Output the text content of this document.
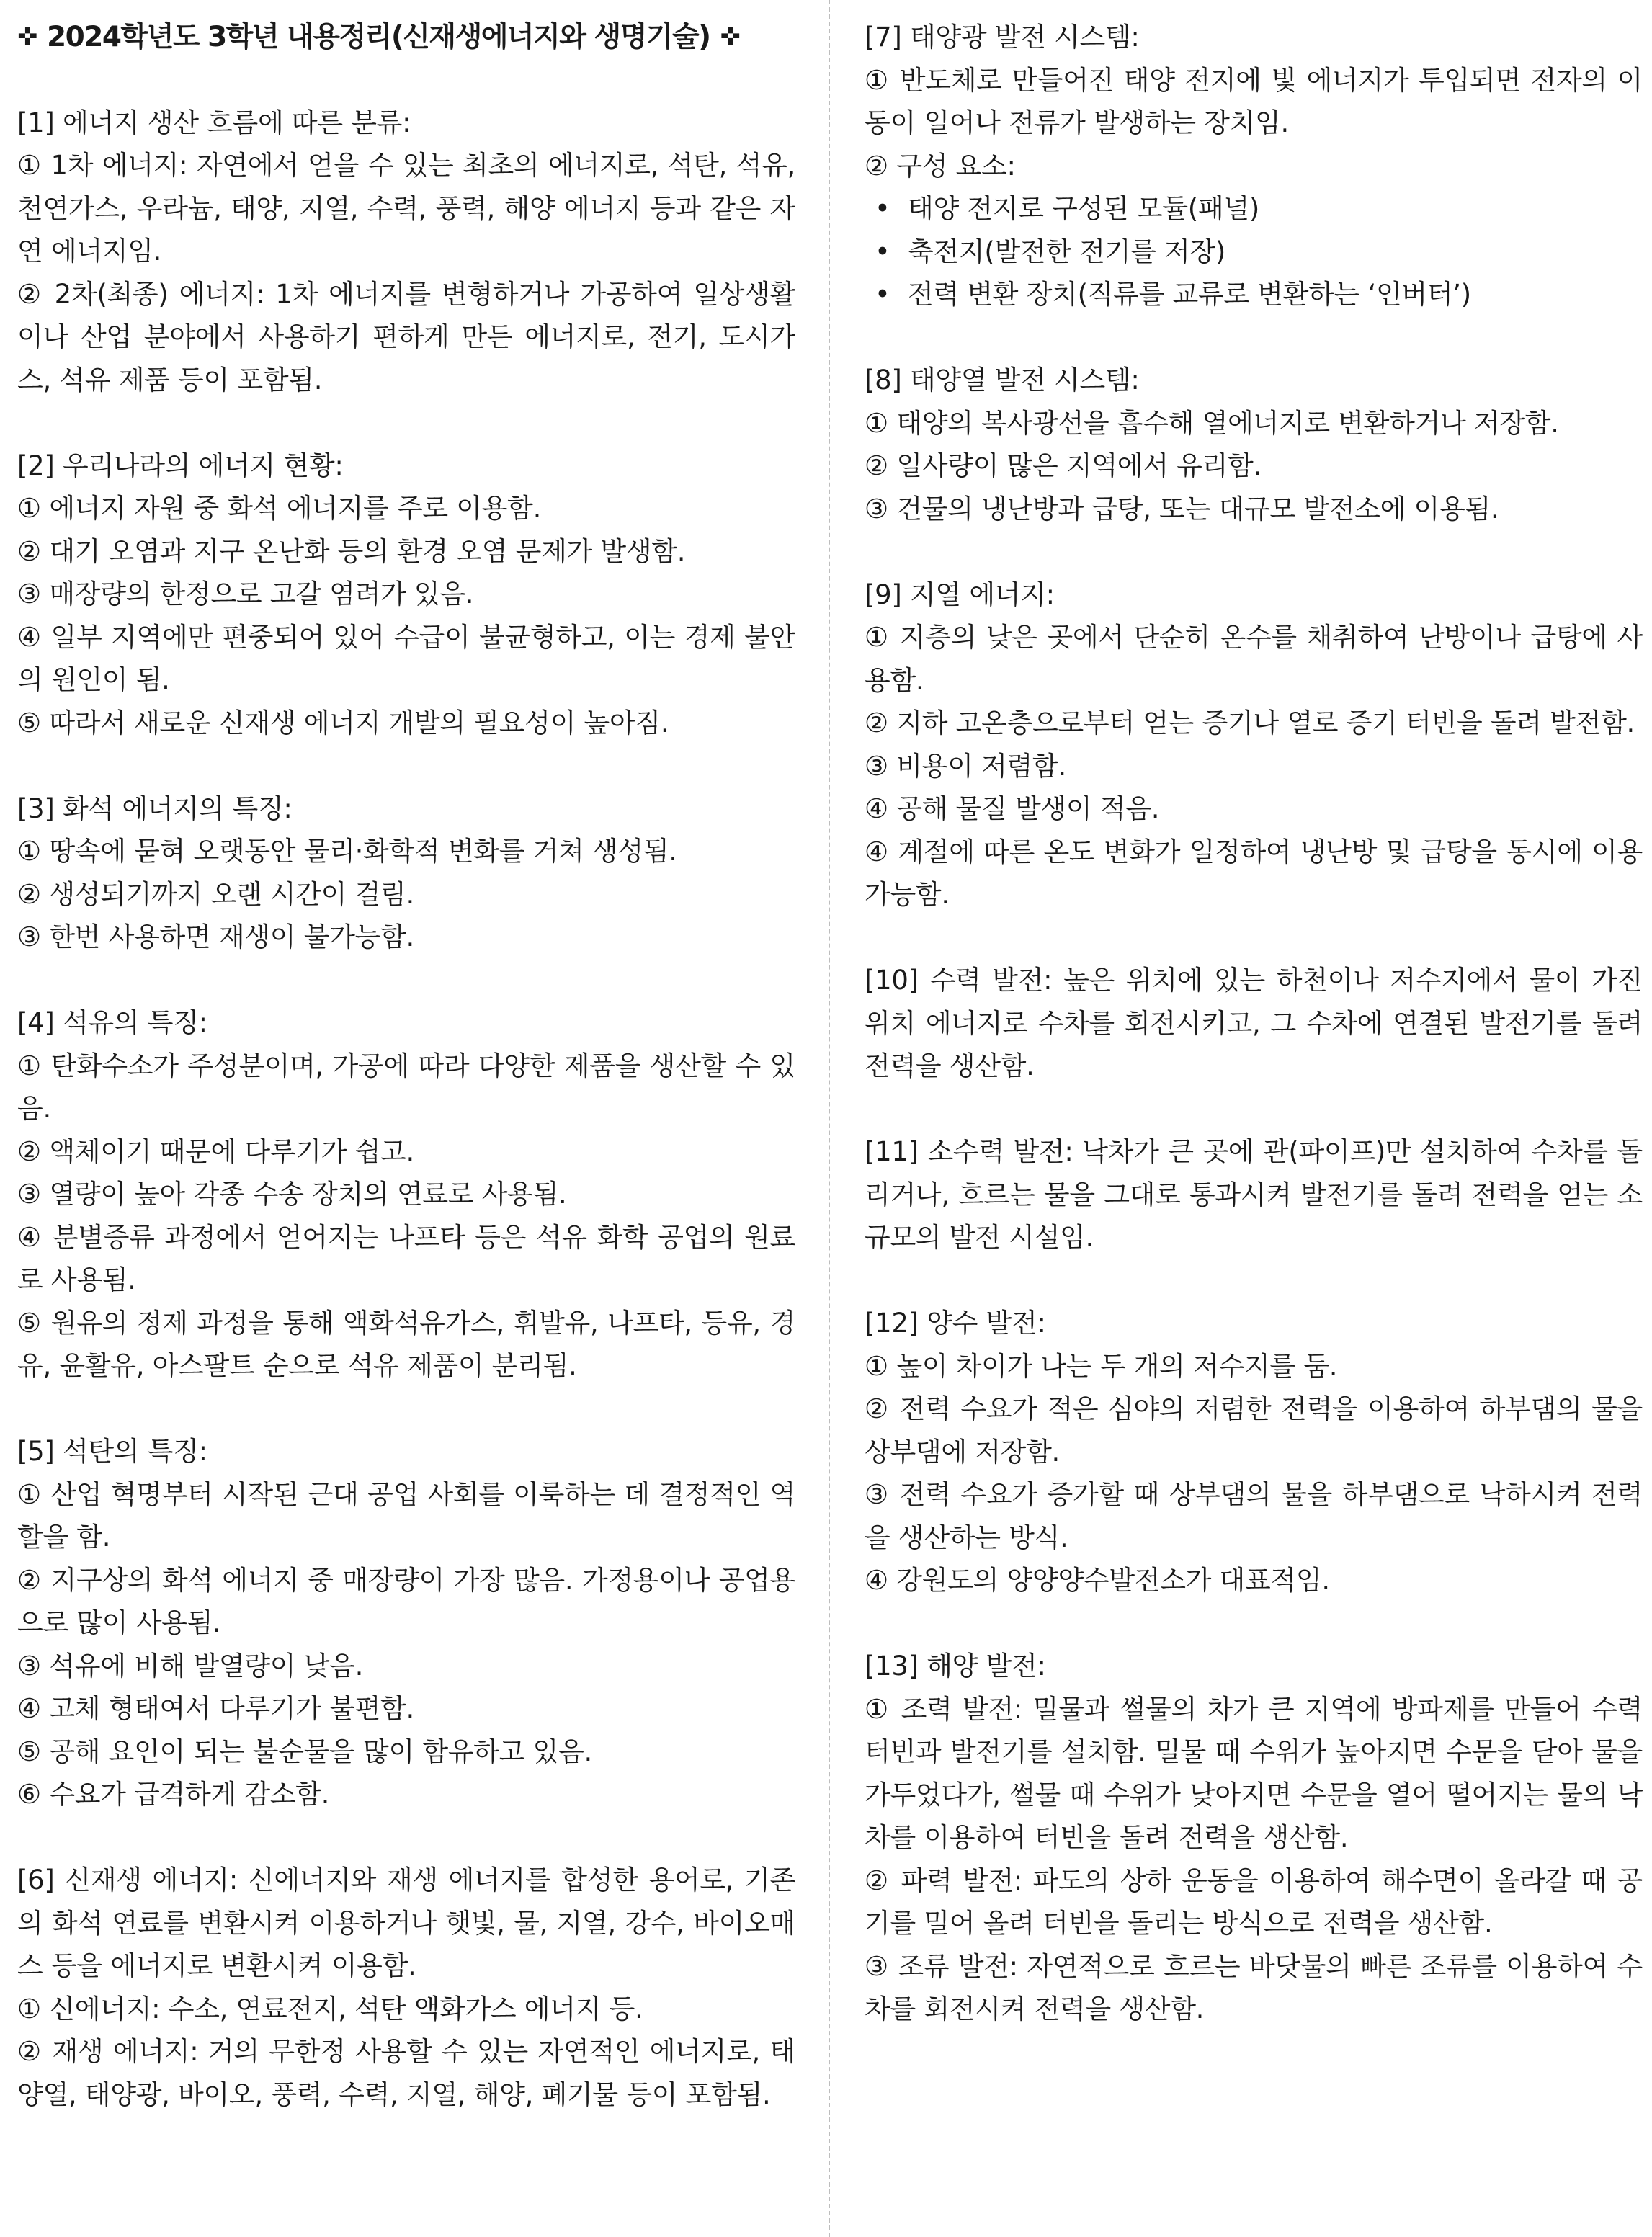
✜ 2024학년도 3학년 내용정리(신재생에너지와 생명기술) ✜

[1] 에너지 생산 흐름에 따른 분류:

① 1차 에너지: 자연에서 얻을 수 있는 최초의 에너지로, 석탄, 석유, 천연가스, 우라늄, 태양, 지열, 수력, 풍력, 해양 에너지 등과 같은 자연 에너지임.

② 2차(최종) 에너지: 1차 에너지를 변형하거나 가공하여 일상생활이나 산업 분야에서 사용하기 편하게 만든 에너지로, 전기, 도시가스, 석유 제품 등이 포함됨.

[2] 우리나라의 에너지 현황:

① 에너지 자원 중 화석 에너지를 주로 이용함.

② 대기 오염과 지구 온난화 등의 환경 오염 문제가 발생함.

③ 매장량의 한정으로 고갈 염려가 있음.

④ 일부 지역에만 편중되어 있어 수급이 불균형하고, 이는 경제 불안의 원인이 됨.

⑤ 따라서 새로운 신재생 에너지 개발의 필요성이 높아짐.

[3] 화석 에너지의 특징:

① 땅속에 묻혀 오랫동안 물리·화학적 변화를 거쳐 생성됨.

② 생성되기까지 오랜 시간이 걸림.

③ 한번 사용하면 재생이 불가능함.

[4] 석유의 특징:

① 탄화수소가 주성분이며, 가공에 따라 다양한 제품을 생산할 수 있음.

② 액체이기 때문에 다루기가 쉽고.

③ 열량이 높아 각종 수송 장치의 연료로 사용됨.

④ 분별증류 과정에서 얻어지는 나프타 등은 석유 화학 공업의 원료로 사용됨.

⑤ 원유의 정제 과정을 통해 액화석유가스, 휘발유, 나프타, 등유, 경유, 윤활유, 아스팔트 순으로 석유 제품이 분리됨.

[5] 석탄의 특징:

① 산업 혁명부터 시작된 근대 공업 사회를 이룩하는 데 결정적인 역할을 함.

② 지구상의 화석 에너지 중 매장량이 가장 많음. 가정용이나 공업용으로 많이 사용됨.

③ 석유에 비해 발열량이 낮음.

④ 고체 형태여서 다루기가 불편함.

⑤ 공해 요인이 되는 불순물을 많이 함유하고 있음.

⑥ 수요가 급격하게 감소함.

[6] 신재생 에너지: 신에너지와 재생 에너지를 합성한 용어로, 기존의 화석 연료를 변환시켜 이용하거나 햇빛, 물, 지열, 강수, 바이오매스 등을 에너지로 변환시켜 이용함.

① 신에너지: 수소, 연료전지, 석탄 액화가스 에너지 등.

② 재생 에너지: 거의 무한정 사용할 수 있는 자연적인 에너지로, 태양열, 태양광, 바이오, 풍력, 수력, 지열, 해양, 폐기물 등이 포함됨.

[7] 태양광 발전 시스템:

① 반도체로 만들어진 태양 전지에 빛 에너지가 투입되면 전자의 이동이 일어나 전류가 발생하는 장치임.

② 구성 요소:

• 태양 전지로 구성된 모듈(패널)

• 축전지(발전한 전기를 저장)

• 전력 변환 장치(직류를 교류로 변환하는 ‘인버터’)

[8] 태양열 발전 시스템:

① 태양의 복사광선을 흡수해 열에너지로 변환하거나 저장함.

② 일사량이 많은 지역에서 유리함.

③ 건물의 냉난방과 급탕, 또는 대규모 발전소에 이용됨.

[9] 지열 에너지:

① 지층의 낮은 곳에서 단순히 온수를 채취하여 난방이나 급탕에 사용함.

② 지하 고온층으로부터 얻는 증기나 열로 증기 터빈을 돌려 발전함.

③ 비용이 저렴함.

④ 공해 물질 발생이 적음.

④ 계절에 따른 온도 변화가 일정하여 냉난방 및 급탕을 동시에 이용 가능함.

[10] 수력 발전: 높은 위치에 있는 하천이나 저수지에서 물이 가진 위치 에너지로 수차를 회전시키고, 그 수차에 연결된 발전기를 돌려 전력을 생산함.

[11] 소수력 발전: 낙차가 큰 곳에 관(파이프)만 설치하여 수차를 돌리거나, 흐르는 물을 그대로 통과시켜 발전기를 돌려 전력을 얻는 소규모의 발전 시설임.

[12] 양수 발전:

① 높이 차이가 나는 두 개의 저수지를 둠.

② 전력 수요가 적은 심야의 저렴한 전력을 이용하여 하부댐의 물을 상부댐에 저장함.

③ 전력 수요가 증가할 때 상부댐의 물을 하부댐으로 낙하시켜 전력을 생산하는 방식.

④ 강원도의 양양양수발전소가 대표적임.

[13] 해양 발전:

① 조력 발전: 밀물과 썰물의 차가 큰 지역에 방파제를 만들어 수력 터빈과 발전기를 설치함. 밀물 때 수위가 높아지면 수문을 닫아 물을 가두었다가, 썰물 때 수위가 낮아지면 수문을 열어 떨어지는 물의 낙차를 이용하여 터빈을 돌려 전력을 생산함.

② 파력 발전: 파도의 상하 운동을 이용하여 해수면이 올라갈 때 공기를 밀어 올려 터빈을 돌리는 방식으로 전력을 생산함.

③ 조류 발전: 자연적으로 흐르는 바닷물의 빠른 조류를 이용하여 수차를 회전시켜 전력을 생산함.
